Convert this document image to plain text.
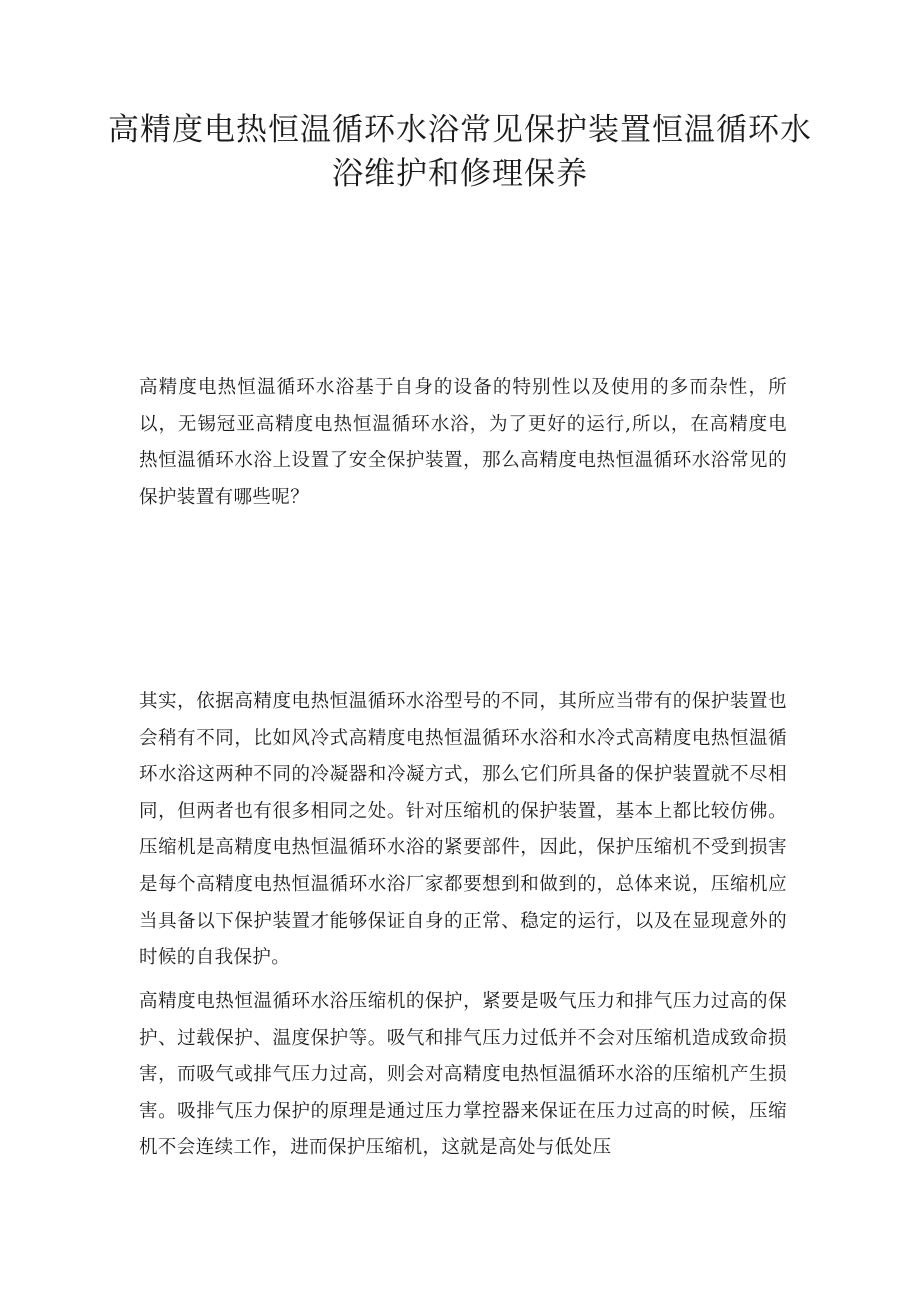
高精度电热恒温循环水浴常见保护装置恒温循环水浴维护和修理保养

高精度电热恒温循环水浴基于自身的设备的特别性以及使用的多而杂性，所以，无锡冠亚高精度电热恒温循环水浴，为了更好的运行,所以，在高精度电热恒温循环水浴上设置了安全保护装置，那么高精度电热恒温循环水浴常见的保护装置有哪些呢？

其实，依据高精度电热恒温循环水浴型号的不同，其所应当带有的保护装置也会稍有不同，比如风冷式高精度电热恒温循环水浴和水冷式高精度电热恒温循环水浴这两种不同的冷凝器和冷凝方式，那么它们所具备的保护装置就不尽相同，但两者也有很多相同之处。针对压缩机的保护装置，基本上都比较仿佛。压缩机是高精度电热恒温循环水浴的紧要部件，因此，保护压缩机不受到损害是每个高精度电热恒温循环水浴厂家都要想到和做到的，总体来说，压缩机应当具备以下保护装置才能够保证自身的正常、稳定的运行，以及在显现意外的时候的自我保护。

高精度电热恒温循环水浴压缩机的保护，紧要是吸气压力和排气压力过高的保护、过载保护、温度保护等。吸气和排气压力过低并不会对压缩机造成致命损害，而吸气或排气压力过高，则会对高精度电热恒温循环水浴的压缩机产生损害。吸排气压力保护的原理是通过压力掌控器来保证在压力过高的时候，压缩机不会连续工作，进而保护压缩机，这就是高处与低处压
